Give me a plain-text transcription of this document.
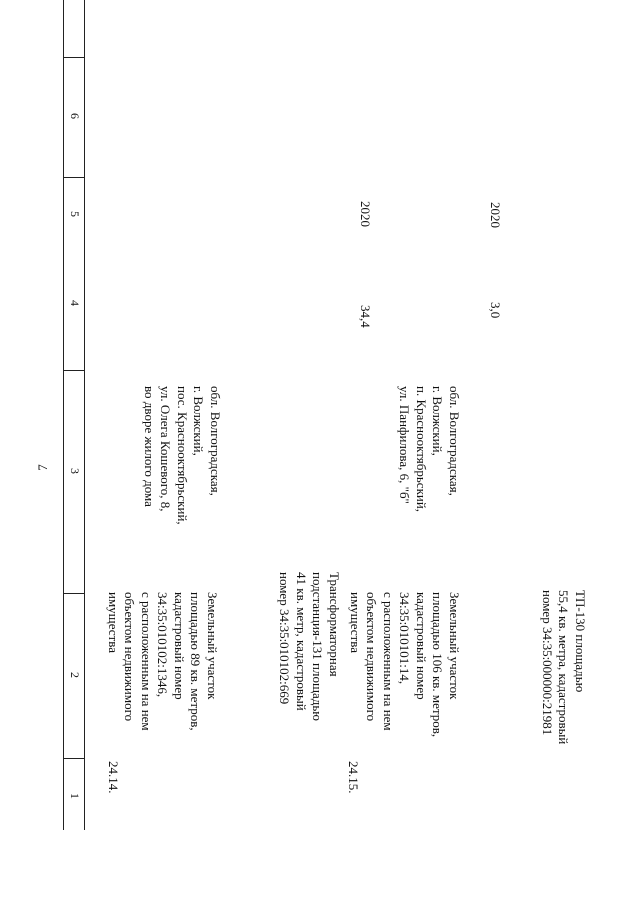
7
6
5
4
3
2
1
24.14.
Земельный участок
площадью 89 кв. метров,
кадастровый номер
34:35:010102:1346,
с расположенным на нем
объектом недвижимого
имущества
обл. Волгоградская,
г. Волжский,
пос. Краснооктябрьский,
ул. Олега Кошевого, 8,
во дворе жилого дома
Трансформаторная
подстанция-131 площадью
41 кв. метр, кадастровый
номер 34:35:010102:669
34,4
2020
24.15.
Земельный участок
площадью 106 кв. метров,
кадастровый номер
34:35:010101:14,
с расположенным на нем
объектом недвижимого
имущества
обл. Волгоградская,
г. Волжский,
п. Краснооктябрьский,
ул. Панфилова, 6, "б"
ТП-130 площадью
55,4 кв. метра, кадастровый
номер 34:35:000000:21981
3,0
2020
